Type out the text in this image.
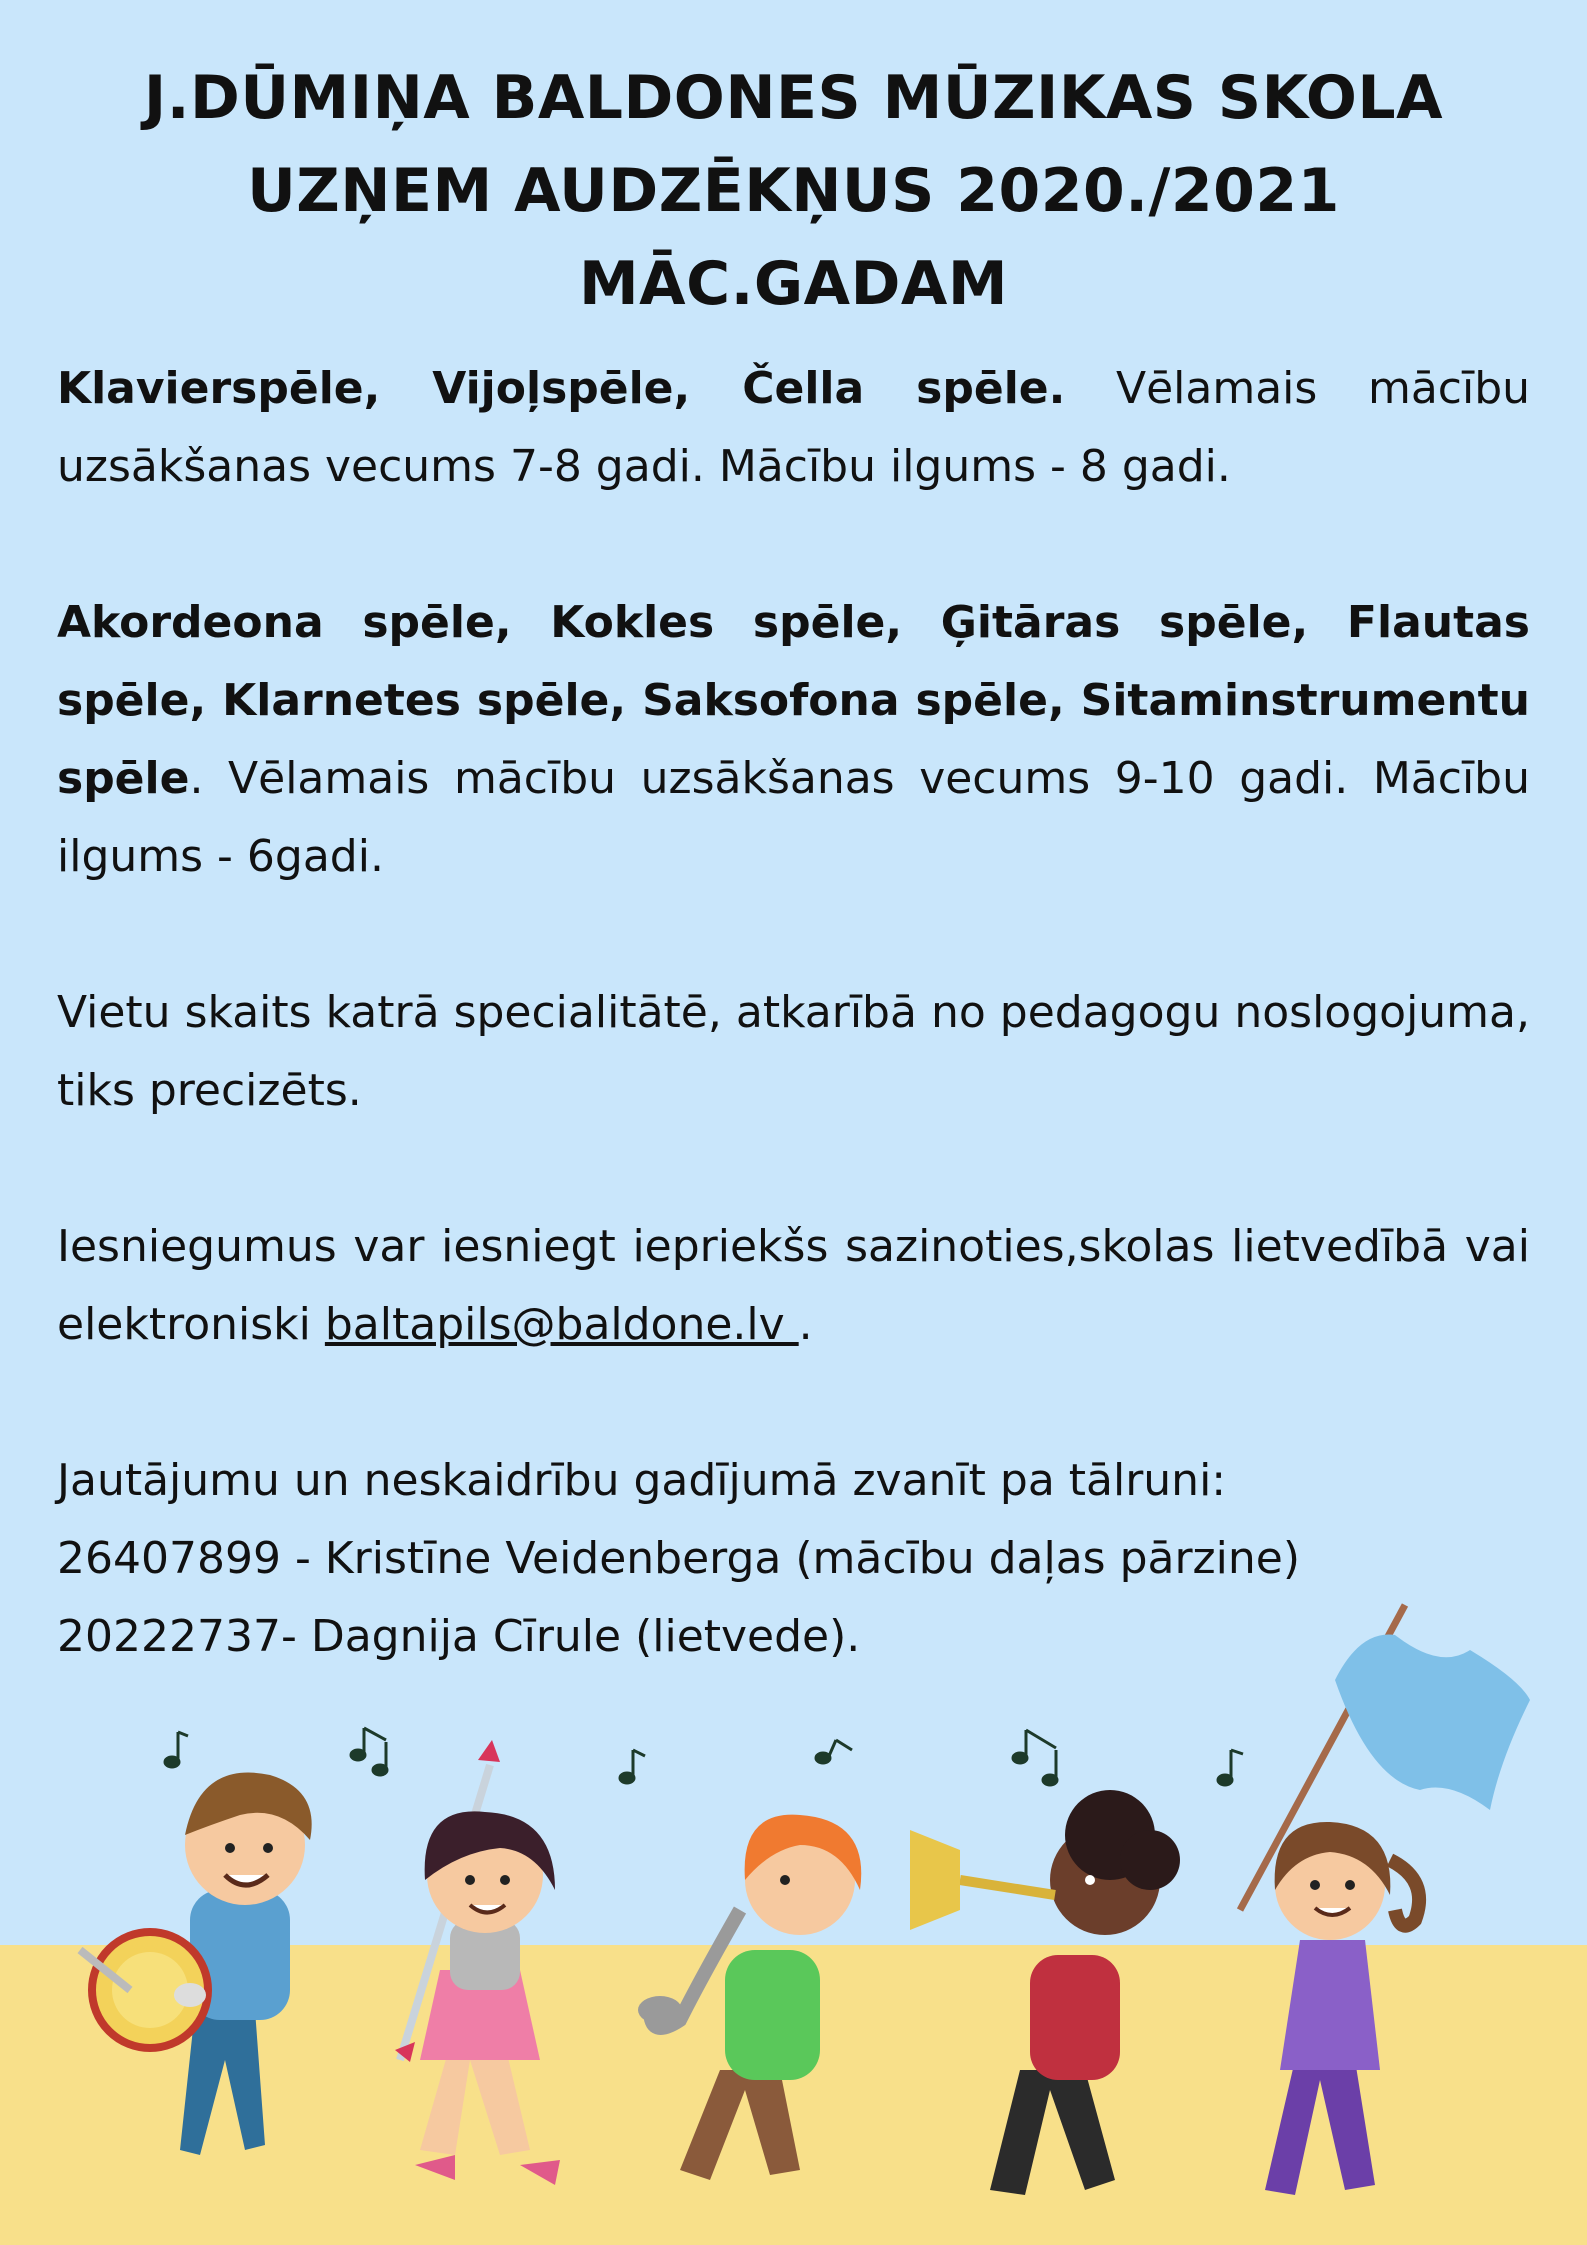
J.DŪMIŅA BALDONES MŪZIKAS SKOLA
UZŅEM AUDZĒKŅUS 2020./2021
MĀC.GADAM

Klavierspēle, Vijoļspēle, Čella spēle. Vēlamais mācību uzsākšanas vecums 7-8 gadi. Mācību ilgums - 8 gadi.

Akordeona spēle, Kokles spēle, Ģitāras spēle, Flautas spēle, Klarnetes spēle, Saksofona spēle, Sitaminstrumentu spēle. Vēlamais mācību uzsākšanas vecums 9-10 gadi. Mācību ilgums - 6gadi.

Vietu skaits katrā specialitātē, atkarībā no pedagogu noslogojuma, tiks precizēts.

Iesniegumus var iesniegt iepriekšs sazinoties,skolas lietvedībā vai elektroniski baltapils@baldone.lv .

Jautājumu un neskaidrību gadījumā zvanīt pa tālruni:
26407899 - Kristīne Veidenberga (mācību daļas pārzine)
20222737- Dagnija Cīrule (lietvede).
